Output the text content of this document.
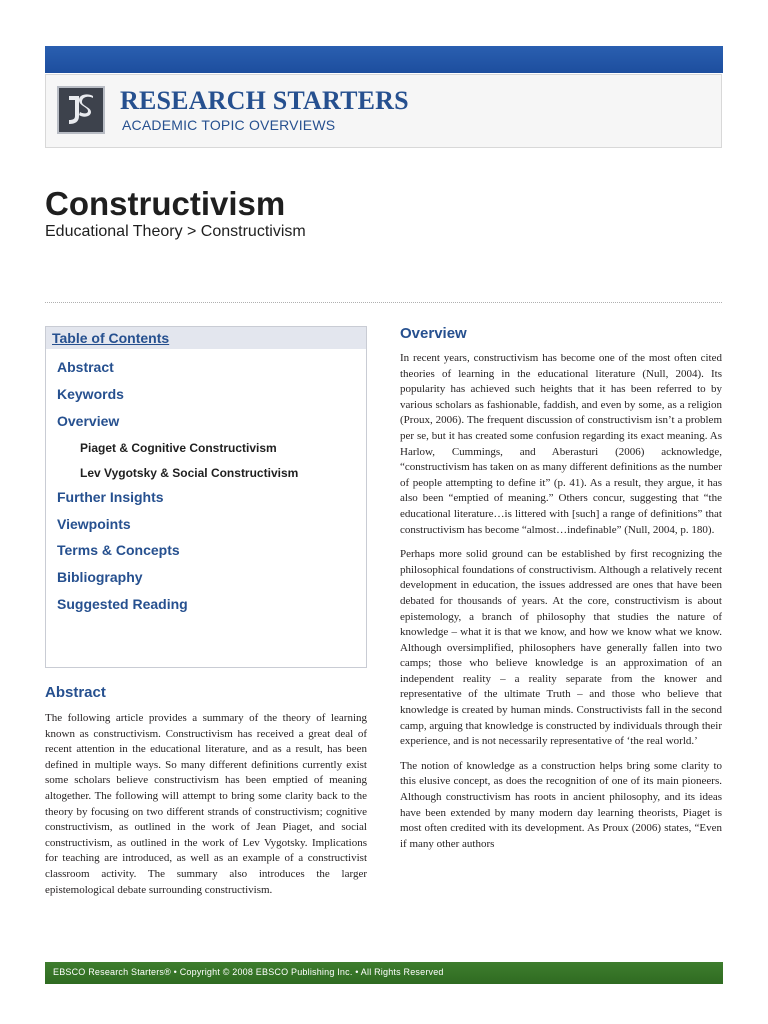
RESEARCH STARTERS
ACADEMIC TOPIC OVERVIEWS
Constructivism
Educational Theory > Constructivism
Table of Contents
Abstract
Keywords
Overview
Piaget & Cognitive Constructivism
Lev Vygotsky & Social Constructivism
Further Insights
Viewpoints
Terms & Concepts
Bibliography
Suggested Reading
Abstract

The following article provides a summary of the theory of learning known as constructivism. Constructivism has received a great deal of recent attention in the educational literature, and as a result, has been defined in multiple ways. So many different definitions currently exist some scholars believe constructivism has been emptied of meaning altogether. The following will attempt to bring some clarity back to the theory by focusing on two different strands of constructivism; cognitive constructivism, as outlined in the work of Jean Piaget, and social constructivism, as outlined in the work of Lev Vygotsky. Implications for teaching are introduced, as well as an example of a constructivist classroom activity. The summary also introduces the larger epistemological debate surrounding constructivism.

Overview

In recent years, constructivism has become one of the most often cited theories of learning in the educational literature (Null, 2004). Its popularity has achieved such heights that it has been referred to by various scholars as fashionable, faddish, and even by some, as a religion (Proux, 2006). The frequent discussion of constructivism isn’t a problem per se, but it has created some confusion regarding its exact meaning. As Harlow, Cummings, and Aberasturi (2006) acknowledge, “constructivism has taken on as many different definitions as the number of people attempting to define it” (p. 41). As a result, they argue, it has also been “emptied of meaning.” Others concur, suggesting that “the educational literature…is littered with [such] a range of definitions” that constructivism has become “almost…indefinable” (Null, 2004, p. 180).

Perhaps more solid ground can be established by first recognizing the philosophical foundations of constructivism. Although a relatively recent development in education, the issues addressed are ones that have been debated for thousands of years. At the core, constructivism is about epistemology, a branch of philosophy that studies the nature of knowledge – what it is that we know, and how we know what we know. Although oversimplified, philosophers have generally fallen into two camps; those who believe knowledge is an approximation of an independent reality – a reality separate from the knower and representative of the ultimate Truth – and those who believe that knowledge is created by human minds. Constructivists fall in the second camp, arguing that knowledge is constructed by individuals through their experience, and is not necessarily representative of ‘the real world.’

The notion of knowledge as a construction helps bring some clarity to this elusive concept, as does the recognition of one of its main pioneers. Although constructivism has roots in ancient philosophy, and its ideas have been extended by many modern day learning theorists, Piaget is most often credited with its development. As Proux (2006) states, “Even if many other authors

EBSCO Research Starters® • Copyright © 2008 EBSCO Publishing Inc. • All Rights Reserved
